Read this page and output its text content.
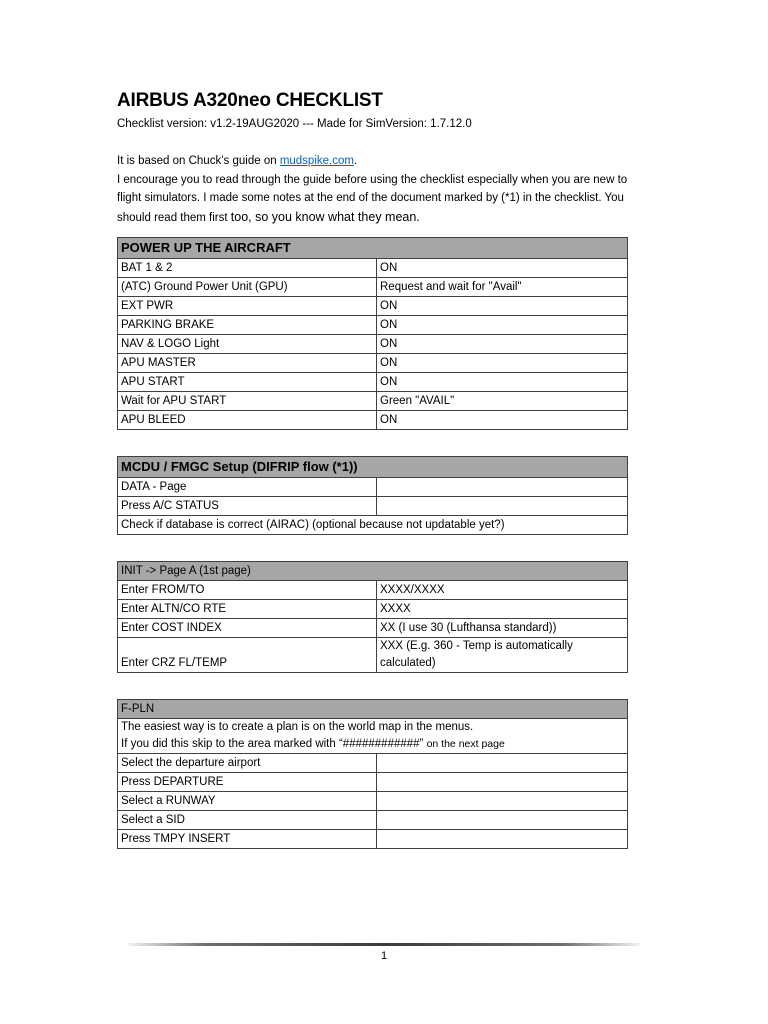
AIRBUS A320neo CHECKLIST
Checklist version: v1.2-19AUG2020 --- Made for SimVersion: 1.7.12.0

It is based on Chuck’s guide on mudspike.com.

I encourage you to read through the guide before using the checklist especially when you are new to flight simulators. I made some notes at the end of the document marked by (*1) in the checklist. You should read them first too, so you know what they mean.

POWER UP THE AIRCRAFT	
BAT 1 & 2	ON
(ATC) Ground Power Unit (GPU)	Request and wait for "Avail"
EXT PWR	ON
PARKING BRAKE	ON
NAV & LOGO Light	ON
APU MASTER	ON
APU START	ON
Wait for APU START	Green "AVAIL"
APU BLEED	ON
MCDU / FMGC Setup (DIFRIP flow (*1))	
DATA - Page	
Press A/C STATUS	
Check if database is correct (AIRAC) (optional because not updatable yet?)	
INIT -> Page A (1st page)	
Enter FROM/TO	XXXX/XXXX
Enter ALTN/CO RTE	XXXX
Enter COST INDEX	XX (I use 30 (Lufthansa standard))
Enter CRZ FL/TEMP	XXX (E.g. 360 - Temp is automatically calculated)
F-PLN	
The easiest way is to create a plan is on the world map in the menus.
If you did this skip to the area marked with “############” on the next page	
Select the departure airport	
Press DEPARTURE	
Select a RUNWAY	
Select a SID	
Press TMPY INSERT	
1
